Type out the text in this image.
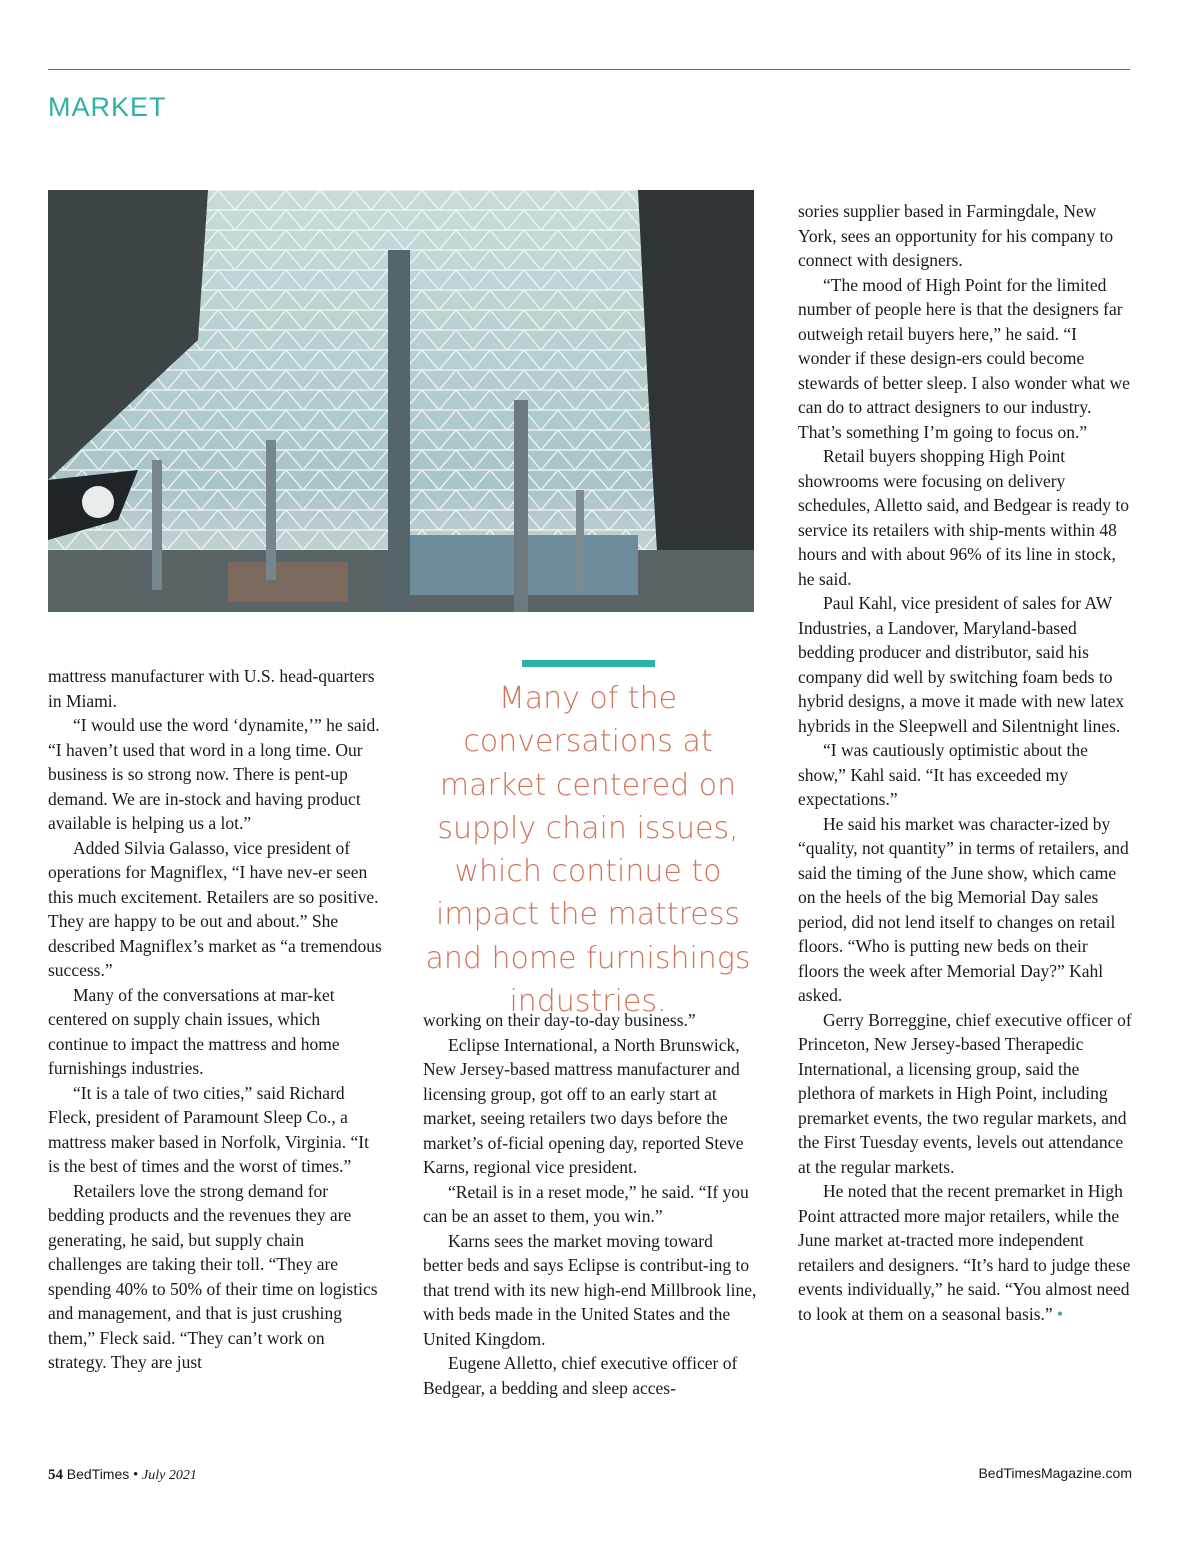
MARKET

mattress manufacturer with U.S. head-quarters in Miami.

“I would use the word ‘dynamite,’” he said. “I haven’t used that word in a long time. Our business is so strong now. There is pent-up demand. We are in-stock and having product available is helping us a lot.”

Added Silvia Galasso, vice president of operations for Magniflex, “I have nev-er seen this much excitement. Retailers are so positive. They are happy to be out and about.” She described Magniflex’s market as “a tremendous success.”

Many of the conversations at mar-ket centered on supply chain issues, which continue to impact the mattress and home furnishings industries.

“It is a tale of two cities,” said Richard Fleck, president of Paramount Sleep Co., a mattress maker based in Norfolk, Virginia. “It is the best of times and the worst of times.”

Retailers love the strong demand for bedding products and the revenues they are generating, he said, but supply chain challenges are taking their toll. “They are spending 40% to 50% of their time on logistics and management, and that is just crushing them,” Fleck said. “They can’t work on strategy. They are just

Many of the conversations at market centered on supply chain issues, which continue to impact the mattress and home furnishings industries.

working on their day-to-day business.”

Eclipse International, a North Brunswick, New Jersey-based mattress manufacturer and licensing group, got off to an early start at market, seeing retailers two days before the market’s of-ficial opening day, reported Steve Karns, regional vice president.

“Retail is in a reset mode,” he said. “If you can be an asset to them, you win.”

Karns sees the market moving toward better beds and says Eclipse is contribut-ing to that trend with its new high-end Millbrook line, with beds made in the United States and the United Kingdom.

Eugene Alletto, chief executive officer of Bedgear, a bedding and sleep acces-

sories supplier based in Farmingdale, New York, sees an opportunity for his company to connect with designers.

“The mood of High Point for the limited number of people here is that the designers far outweigh retail buyers here,” he said. “I wonder if these design-ers could become stewards of better sleep. I also wonder what we can do to attract designers to our industry. That’s something I’m going to focus on.”

Retail buyers shopping High Point showrooms were focusing on delivery schedules, Alletto said, and Bedgear is ready to service its retailers with ship-ments within 48 hours and with about 96% of its line in stock, he said.

Paul Kahl, vice president of sales for AW Industries, a Landover, Maryland-based bedding producer and distributor, said his company did well by switching foam beds to hybrid designs, a move it made with new latex hybrids in the Sleepwell and Silentnight lines.

“I was cautiously optimistic about the show,” Kahl said. “It has exceeded my expectations.”

He said his market was character-ized by “quality, not quantity” in terms of retailers, and said the timing of the June show, which came on the heels of the big Memorial Day sales period, did not lend itself to changes on retail floors. “Who is putting new beds on their floors the week after Memorial Day?” Kahl asked.

Gerry Borreggine, chief executive officer of Princeton, New Jersey-based Therapedic International, a licensing group, said the plethora of markets in High Point, including premarket events, the two regular markets, and the First Tuesday events, levels out attendance at the regular markets.

He noted that the recent premarket in High Point attracted more major retailers, while the June market at-tracted more independent retailers and designers. “It’s hard to judge these events individually,” he said. “You almost need to look at them on a seasonal basis.” •

54 BedTimes • July 2021	BedTimesMagazine.com
